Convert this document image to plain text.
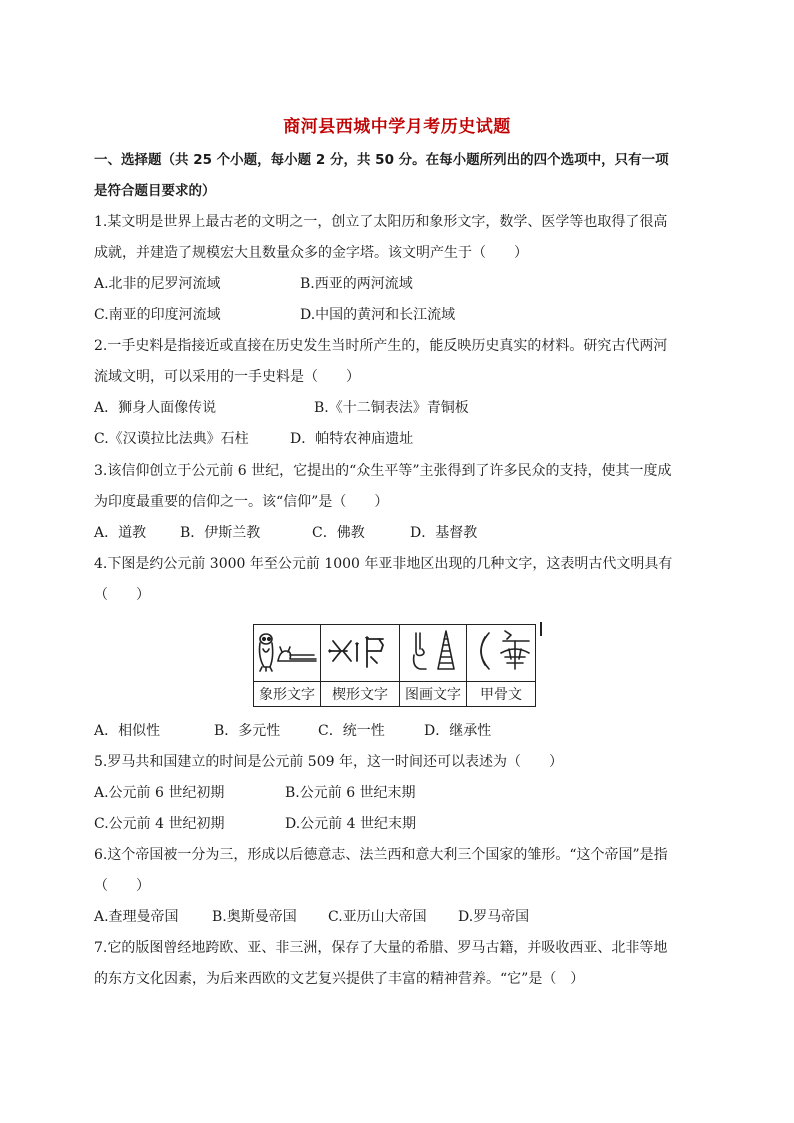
商河县西城中学月考历史试题
一、选择题（共 25 个小题，每小题 2 分，共 50 分。在每小题所列出的四个选项中，只有一项
是符合题目要求的）
1.某文明是世界上最古老的文明之一，创立了太阳历和象形文字，数学、医学等也取得了很高
成就，并建造了规模宏大且数量众多的金字塔。该文明产生于（　　）
A.北非的尼罗河流域	B.西亚的两河流域
C.南亚的印度河流域	D.中国的黄河和长江流域
2.一手史料是指接近或直接在历史发生当时所产生的，能反映历史真实的材料。研究古代两河
流域文明，可以采用的一手史料是（　　）
A．狮身人面像传说	B.《十二铜表法》青铜板
C.《汉谟拉比法典》石柱	D．帕特农神庙遗址
3.该信仰创立于公元前 6 世纪，它提出的“众生平等”主张得到了许多民众的支持，使其一度成
为印度最重要的信仰之一。该“信仰”是（　　）
A．道教 B．伊斯兰教	C．佛教	D．基督教
4.下图是约公元前 3000 年至公元前 1000 年亚非地区出现的几种文字，这表明古代文明具有
（　　）

象形文字	楔形文字	图画文字	甲骨文
A．相似性	B．多元性	C．统一性	D．继承性
5.罗马共和国建立的时间是公元前 509 年，这一时间还可以表述为（　　）
A.公元前 6 世纪初期	B.公元前 6 世纪末期
C.公元前 4 世纪初期	D.公元前 4 世纪末期
6.这个帝国被一分为三，形成以后德意志、法兰西和意大利三个国家的雏形。“这个帝国”是指
（　　）
A.查理曼帝国 B.奥斯曼帝国 C.亚历山大帝国 D.罗马帝国
7.它的版图曾经地跨欧、亚、非三洲，保存了大量的希腊、罗马古籍，并吸收西亚、北非等地
的东方文化因素，为后来西欧的文艺复兴提供了丰富的精神营养。“它”是（　）
